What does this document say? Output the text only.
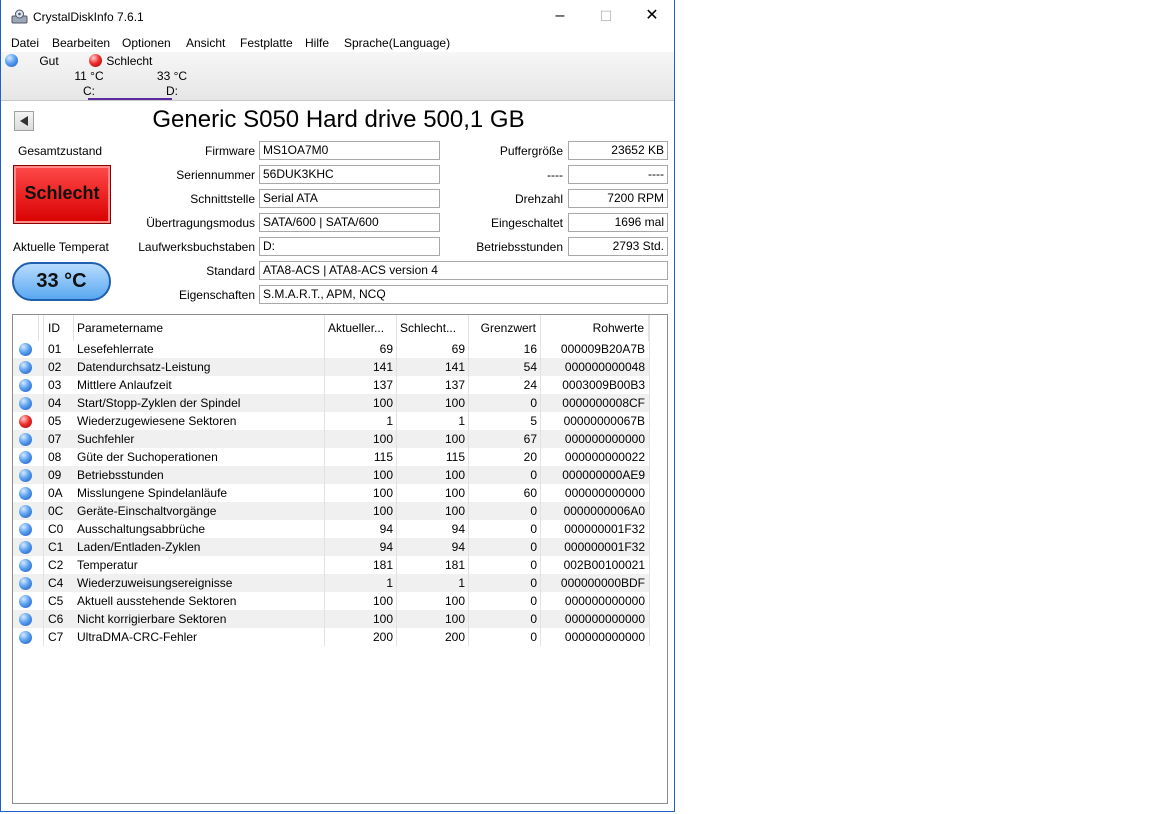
CrystalDiskInfo 7.6.1	–	☐	✕
Datei Bearbeiten Optionen Ansicht Festplatte Hilfe Sprache(Language)
Gut
11 °C
C:
Schlecht
33 °C
D:
Generic S050 Hard drive 500,1 GB
Gesamtzustand
Schlecht
Aktuelle Temperat
33 °C
Firmware MS1OA7M0
Seriennummer 56DUK3KHC
Schnittstelle Serial ATA
Übertragungsmodus SATA/600 | SATA/600
Laufwerksbuchstaben D:
Standard ATA8-ACS | ATA8-ACS version 4
Eigenschaften S.M.A.R.T., APM, NCQ
Puffergröße	23652 KB
----	----
Drehzahl	7200 RPM
Eingeschaltet	1696 mal
Betriebsstunden	2793 Std.
ID	Parametername	Aktueller...	Schlecht...	Grenzwert	Rohwerte
01	Lesefehlerrate	69	69	16	000009B20A7B
02	Datendurchsatz-Leistung	141	141	54	000000000048
03	Mittlere Anlaufzeit	137	137	24	0003009B00B3
04	Start/Stopp-Zyklen der Spindel	100	100	0	0000000008CF
05	Wiederzugewiesene Sektoren	1	1	5	00000000067B
07	Suchfehler	100	100	67	000000000000
08	Güte der Suchoperationen	115	115	20	000000000022
09	Betriebsstunden	100	100	0	000000000AE9
0A	Misslungene Spindelanläufe	100	100	60	000000000000
0C	Geräte-Einschaltvorgänge	100	100	0	0000000006A0
C0	Ausschaltungsabbrüche	94	94	0	000000001F32
C1	Laden/Entladen-Zyklen	94	94	0	000000001F32
C2	Temperatur	181	181	0	002B00100021
C4	Wiederzuweisungsereignisse	1	1	0	000000000BDF
C5	Aktuell ausstehende Sektoren	100	100	0	000000000000
C6	Nicht korrigierbare Sektoren	100	100	0	000000000000
C7	UltraDMA-CRC-Fehler	200	200	0	000000000000
